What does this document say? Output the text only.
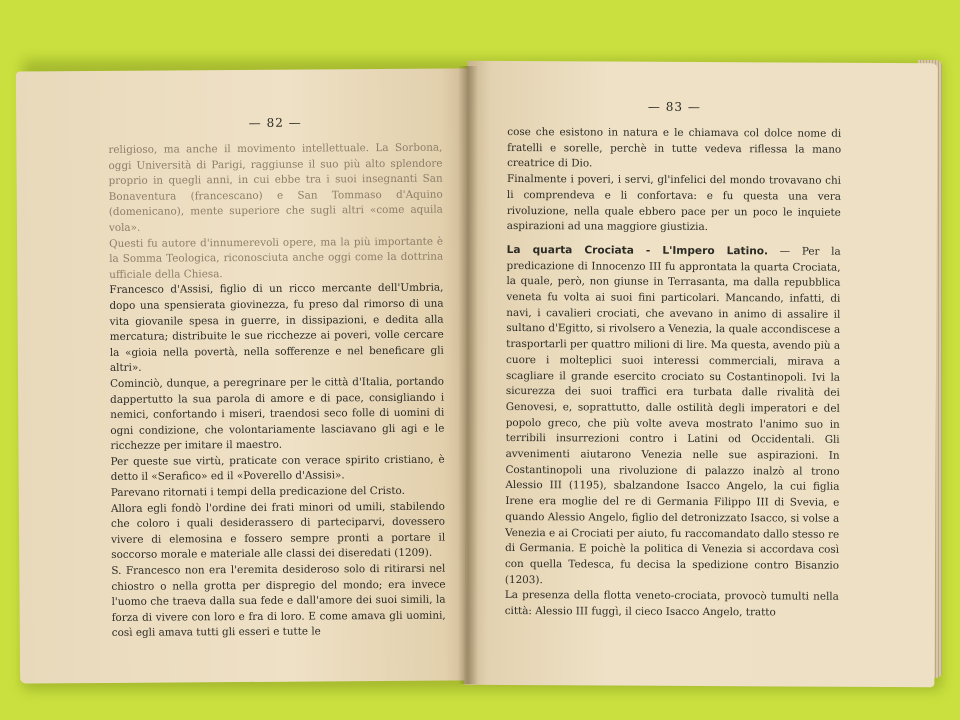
— 82 —

religioso, ma anche il movimento intellettuale. La Sorbona, oggi Università di Parigi, raggiunse il suo più alto splendore proprio in quegli anni, in cui ebbe tra i suoi insegnanti San Bonaventura (francescano) e San Tommaso d'Aquino (domenicano), mente superiore che sugli altri «come aquila vola».

Questi fu autore d'innumerevoli opere, ma la più importante è la Somma Teologica, riconosciuta anche oggi come la dottrina ufficiale della Chiesa.

Francesco d'Assisi, figlio di un ricco mercante dell'Umbria, dopo una spensierata giovinezza, fu preso dal rimorso di una vita giovanile spesa in guerre, in dissipazioni, e dedita alla mercatura; distribuite le sue ricchezze ai poveri, volle cercare la «gioia nella povertà, nella sofferenze e nel beneficare gli altri».

Cominciò, dunque, a peregrinare per le città d'Italia, portando dappertutto la sua parola di amore e di pace, consigliando i nemici, confortando i miseri, traendosi seco folle di uomini di ogni condizione, che volontariamente lasciavano gli agi e le ricchezze per imitare il maestro.

Per queste sue virtù, praticate con verace spirito cristiano, è detto il «Serafico» ed il «Poverello d'Assisi».

Parevano ritornati i tempi della predicazione del Cristo.

Allora egli fondò l'ordine dei frati minori od umili, stabilendo che coloro i quali desiderassero di parteciparvi, dovessero vivere di elemosina e fossero sempre pronti a portare il soccorso morale e materiale alle classi dei diseredati (1209).

S. Francesco non era l'eremita desideroso solo di ritirarsi nel chiostro o nella grotta per dispregio del mondo; era invece l'uomo che traeva dalla sua fede e dall'amore dei suoi simili, la forza di vivere con loro e fra di loro. E come amava gli uomini, così egli amava tutti gli esseri e tutte le

— 83 —

cose che esistono in natura e le chiamava col dolce nome di fratelli e sorelle, perchè in tutte vedeva riflessa la mano creatrice di Dio.

Finalmente i poveri, i servi, gl'infelici del mondo trovavano chi li comprendeva e li confortava: e fu questa una vera rivoluzione, nella quale ebbero pace per un poco le inquiete aspirazioni ad una maggiore giustizia.

La quarta Crociata - L'Impero Latino. — Per la predicazione di Innocenzo III fu approntata la quarta Crociata, la quale, però, non giunse in Terrasanta, ma dalla repubblica veneta fu volta ai suoi fini particolari. Mancando, infatti, di navi, i cavalieri crociati, che avevano in animo di assalire il sultano d'Egitto, si rivolsero a Venezia, la quale accondiscese a trasportarli per quattro milioni di lire. Ma questa, avendo più a cuore i molteplici suoi interessi commerciali, mirava a scagliare il grande esercito crociato su Costantinopoli. Ivi la sicurezza dei suoi traffici era turbata dalle rivalità dei Genovesi, e, soprattutto, dalle ostilità degli imperatori e del popolo greco, che più volte aveva mostrato l'animo suo in terribili insurrezioni contro i Latini od Occidentali. Gli avvenimenti aiutarono Venezia nelle sue aspirazioni. In Costantinopoli una rivoluzione di palazzo inalzò al trono Alessio III (1195), sbalzandone Isacco Angelo, la cui figlia Irene era moglie del re di Germania Filippo III di Svevia, e quando Alessio Angelo, figlio del detronizzato Isacco, si volse a Venezia e ai Crociati per aiuto, fu raccomandato dallo stesso re di Germania. E poichè la politica di Venezia si accordava così con quella Tedesca, fu decisa la spedizione contro Bisanzio (1203).

La presenza della flotta veneto-crociata, provocò tumulti nella città: Alessio III fuggì, il cieco Isacco Angelo, tratto
